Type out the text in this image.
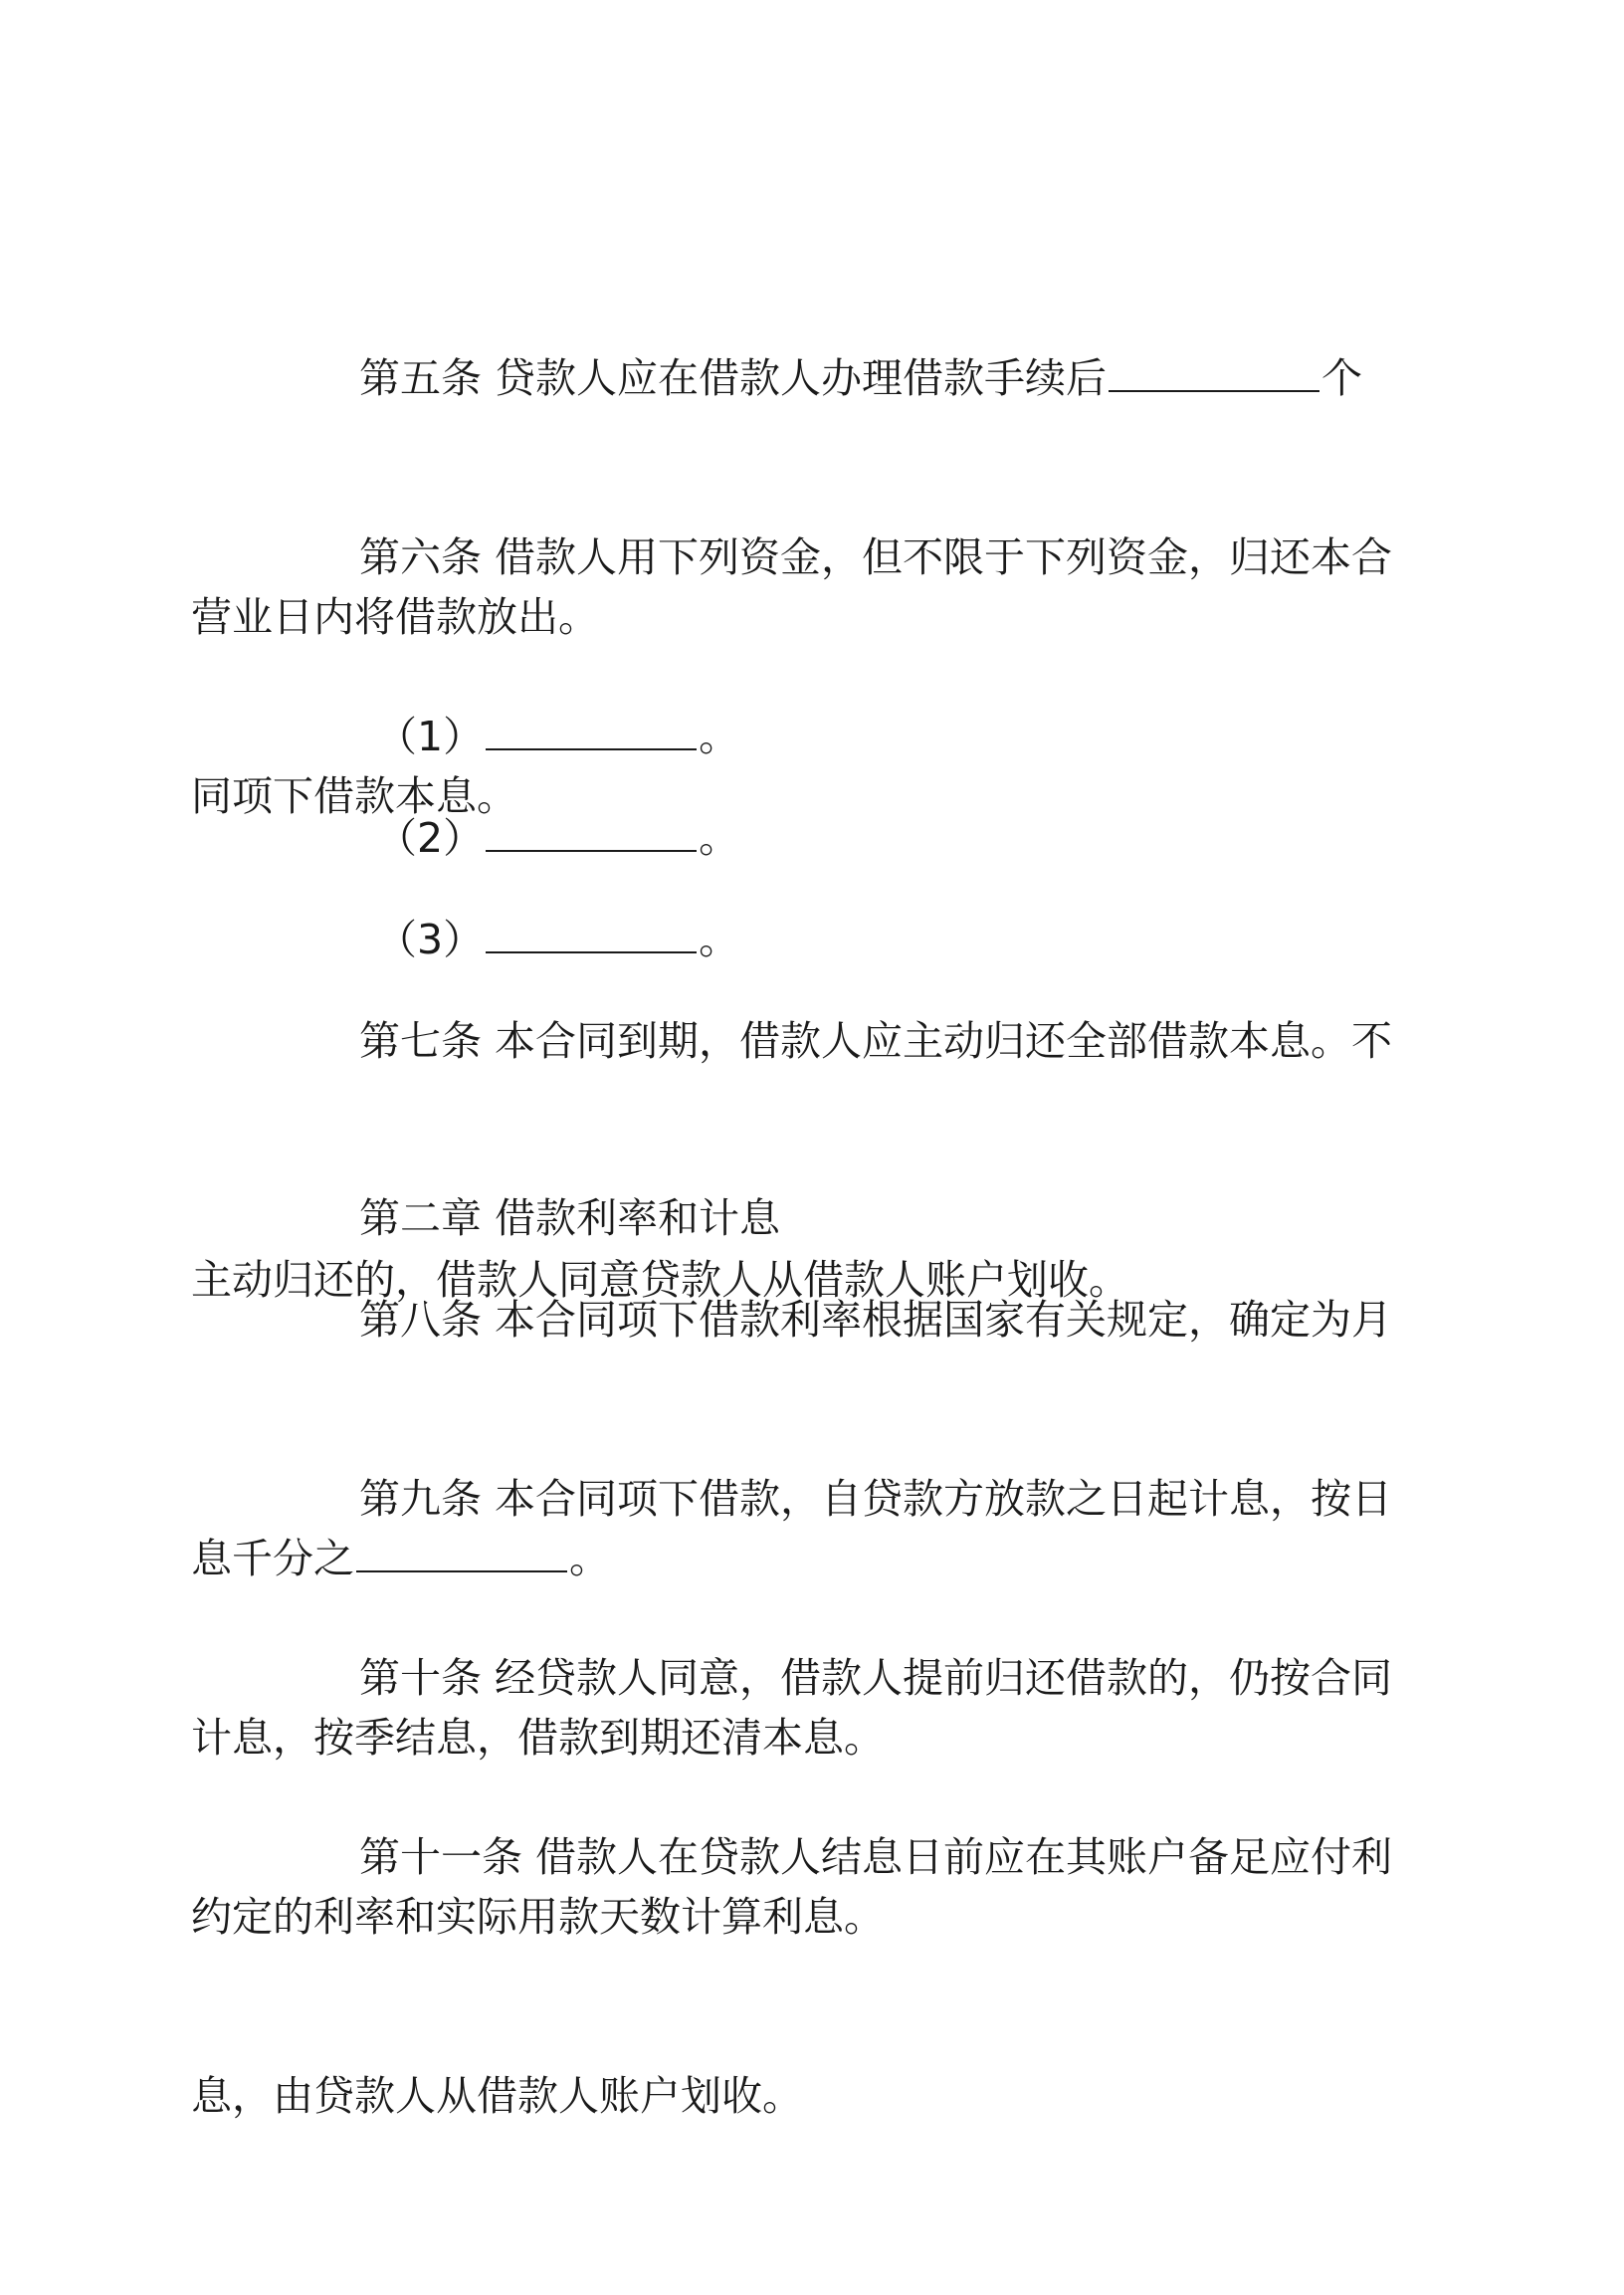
第五条 贷款人应在借款人办理借款手续后	个

营业日内将借款放出。

第六条 借款人用下列资金，但不限于下列资金，归还本合

同项下借款本息。

（1）	。

（2）	。

（3）	。

第七条 本合同到期，借款人应主动归还全部借款本息。不

主动归还的，借款人同意贷款人从借款人账户划收。

第二章 借款利率和计息

第八条 本合同项下借款利率根据国家有关规定，确定为月

息千分之	。

第九条 本合同项下借款，自贷款方放款之日起计息，按日

计息，按季结息，借款到期还清本息。

第十条 经贷款人同意，借款人提前归还借款的，仍按合同

约定的利率和实际用款天数计算利息。

第十一条 借款人在贷款人结息日前应在其账户备足应付利

息，由贷款人从借款人账户划收。
